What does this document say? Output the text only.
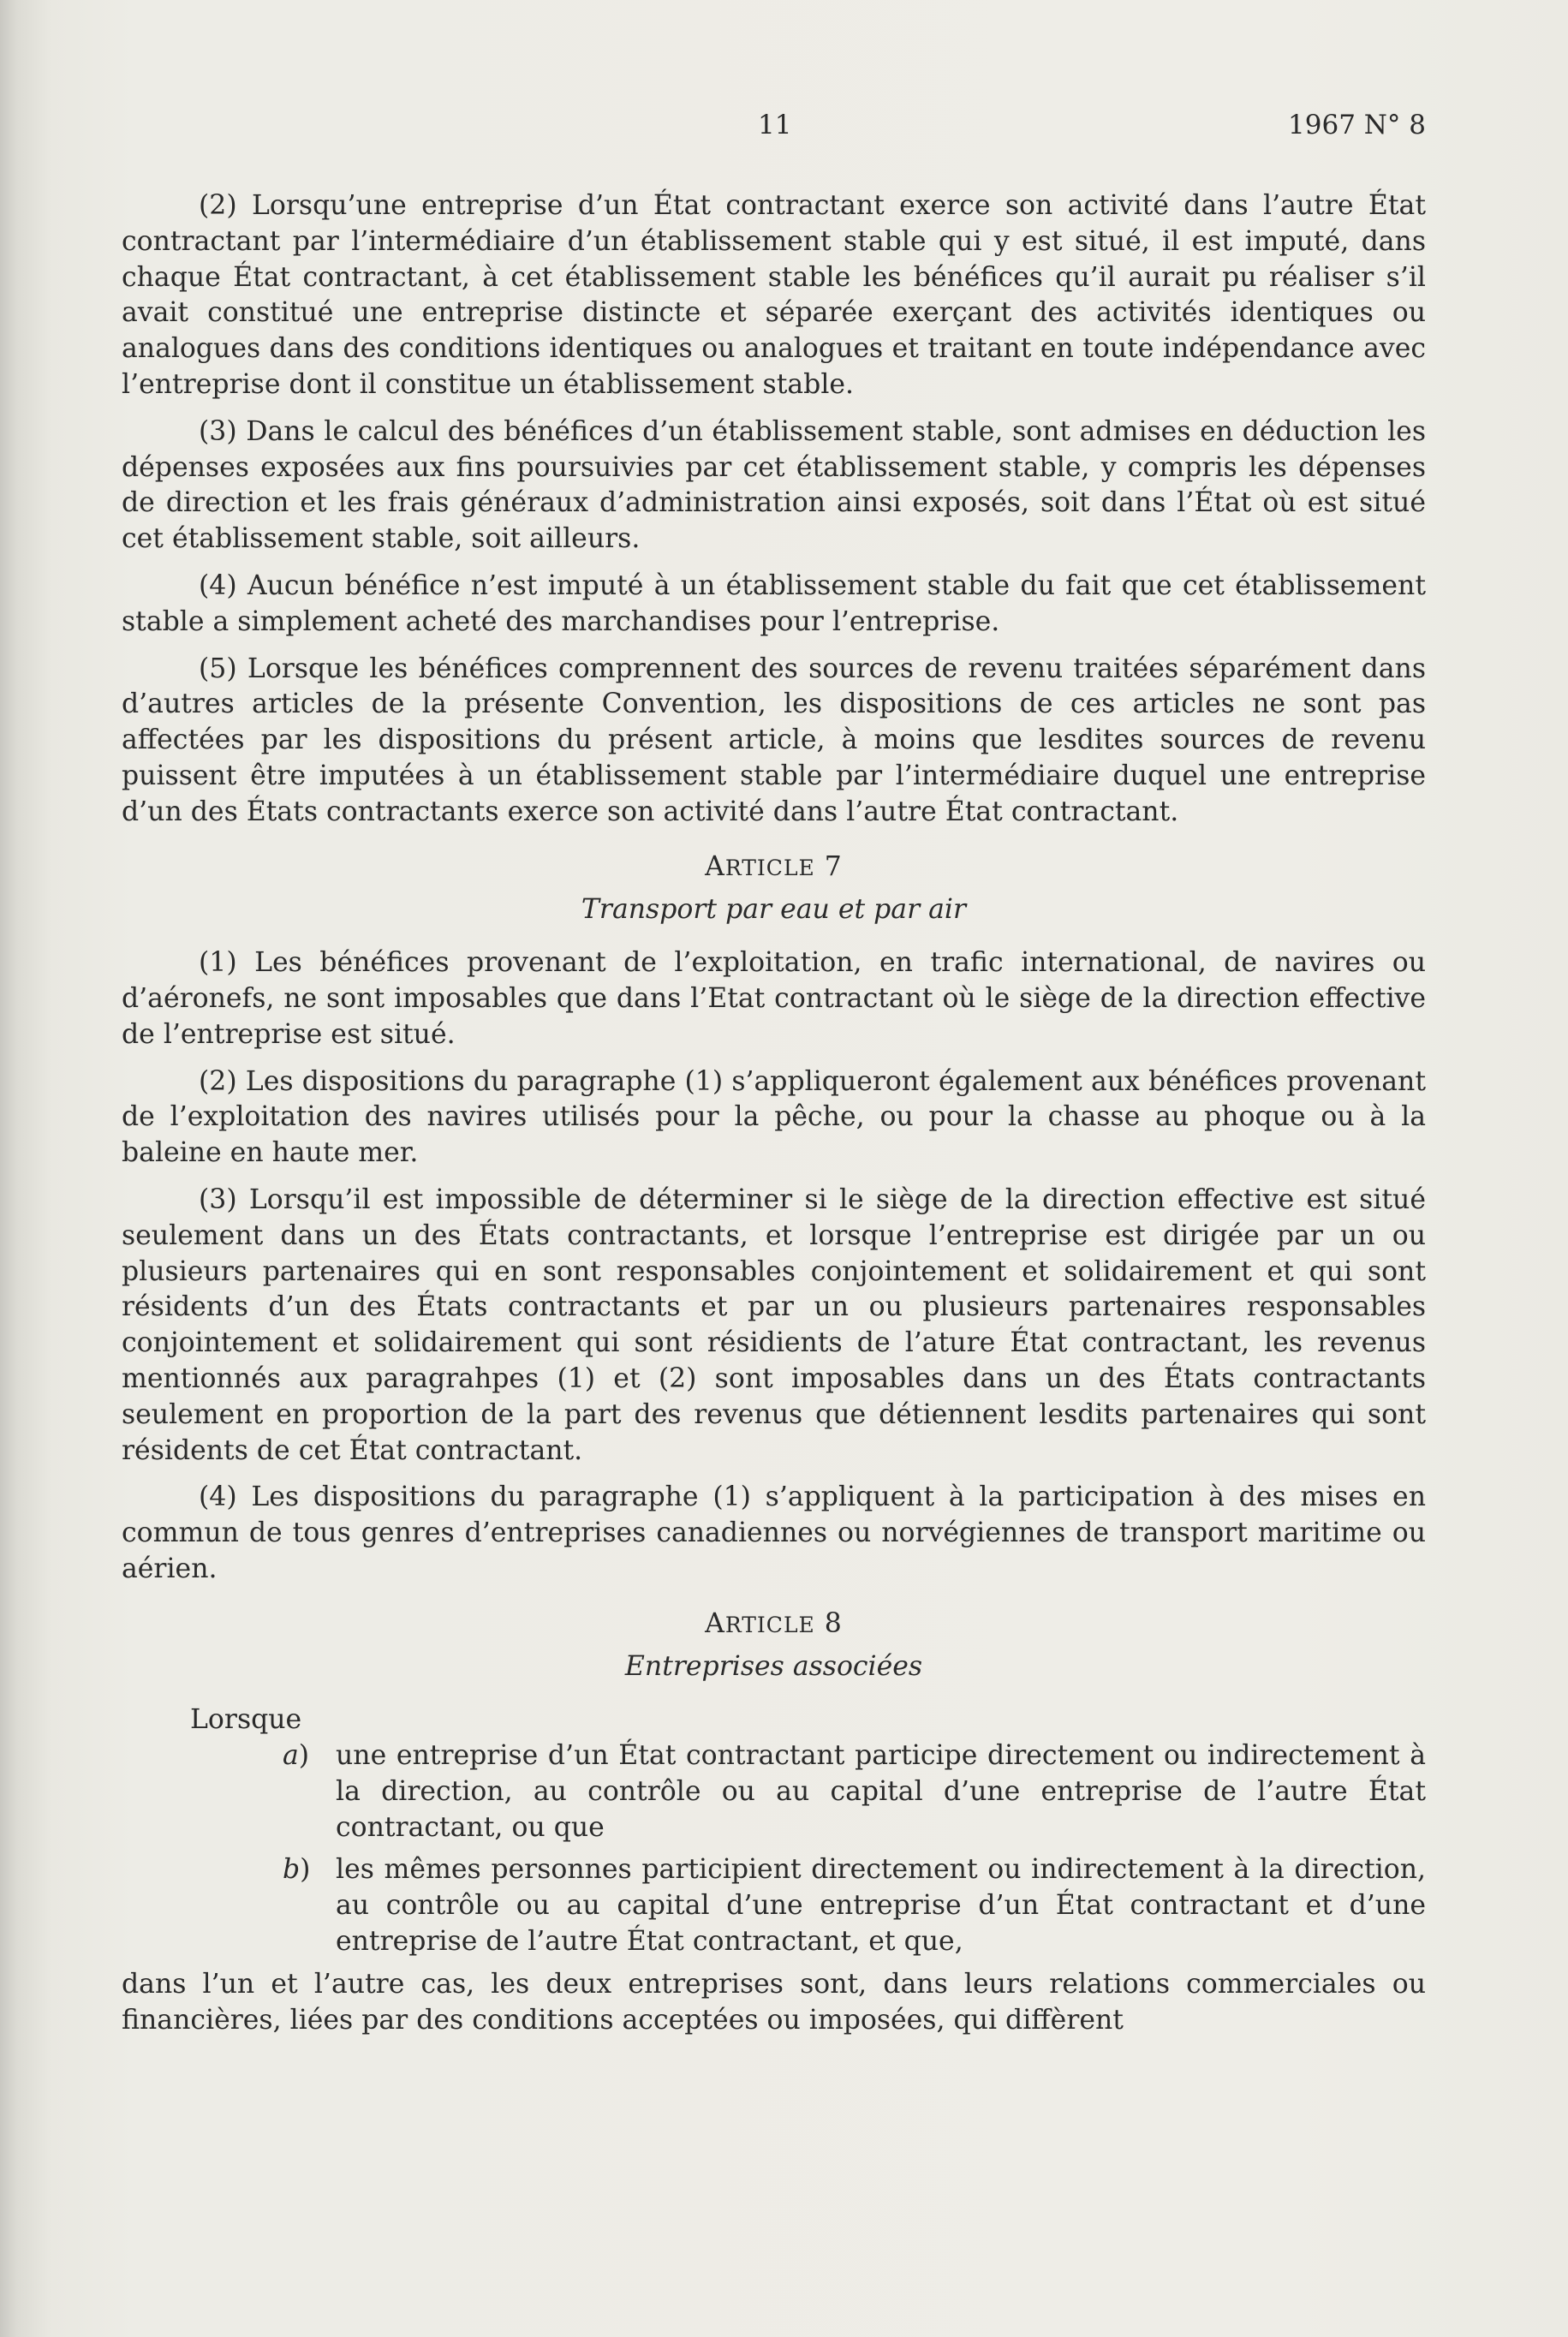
11	1967 N° 8

(2) Lorsqu’une entreprise d’un État contractant exerce son activité dans l’autre État contractant par l’intermédiaire d’un établissement stable qui y est situé, il est imputé, dans chaque État contractant, à cet établissement stable les bénéfices qu’il aurait pu réaliser s’il avait constitué une entreprise distincte et séparée exerçant des activités identiques ou analogues dans des conditions identiques ou analogues et traitant en toute indépendance avec l’entreprise dont il constitue un établissement stable.

(3) Dans le calcul des bénéfices d’un établissement stable, sont admises en déduction les dépenses exposées aux fins poursuivies par cet établissement stable, y compris les dépenses de direction et les frais généraux d’administration ainsi exposés, soit dans l’État où est situé cet établissement stable, soit ailleurs.

(4) Aucun bénéfice n’est imputé à un établissement stable du fait que cet établissement stable a simplement acheté des marchandises pour l’entreprise.

(5) Lorsque les bénéfices comprennent des sources de revenu traitées séparément dans d’autres articles de la présente Convention, les dispositions de ces articles ne sont pas affectées par les dispositions du présent article, à moins que lesdites sources de revenu puissent être imputées à un établissement stable par l’intermédiaire duquel une entreprise d’un des États contractants exerce son activité dans l’autre État contractant.

ARTICLE 7
Transport par eau et par air

(1) Les bénéfices provenant de l’exploitation, en trafic international, de navires ou d’aéronefs, ne sont imposables que dans l’Etat contractant où le siège de la direction effective de l’entreprise est situé.

(2) Les dispositions du paragraphe (1) s’appliqueront également aux bénéfices provenant de l’exploitation des navires utilisés pour la pêche, ou pour la chasse au phoque ou à la baleine en haute mer.

(3) Lorsqu’il est impossible de déterminer si le siège de la direction effective est situé seulement dans un des États contractants, et lorsque l’entreprise est dirigée par un ou plusieurs partenaires qui en sont responsables conjointement et solidairement et qui sont résidents d’un des États contractants et par un ou plusieurs partenaires responsables conjointement et solidairement qui sont résidients de l’ature État contractant, les revenus mentionnés aux paragrahpes (1) et (2) sont imposables dans un des États contractants seulement en proportion de la part des revenus que détiennent lesdits partenaires qui sont résidents de cet État contractant.

(4) Les dispositions du paragraphe (1) s’appliquent à la participation à des mises en commun de tous genres d’entreprises canadiennes ou norvégiennes de transport maritime ou aérien.

ARTICLE 8
Entreprises associées

Lorsque

a) une entreprise d’un État contractant participe directement ou indirectement à la direction, au contrôle ou au capital d’une entreprise de l’autre État contractant, ou que
b) les mêmes personnes participient directement ou indirectement à la direction, au contrôle ou au capital d’une entreprise d’un État contractant et d’une entreprise de l’autre État contractant, et que,

dans l’un et l’autre cas, les deux entreprises sont, dans leurs relations commerciales ou financières, liées par des conditions acceptées ou imposées, qui diffèrent
